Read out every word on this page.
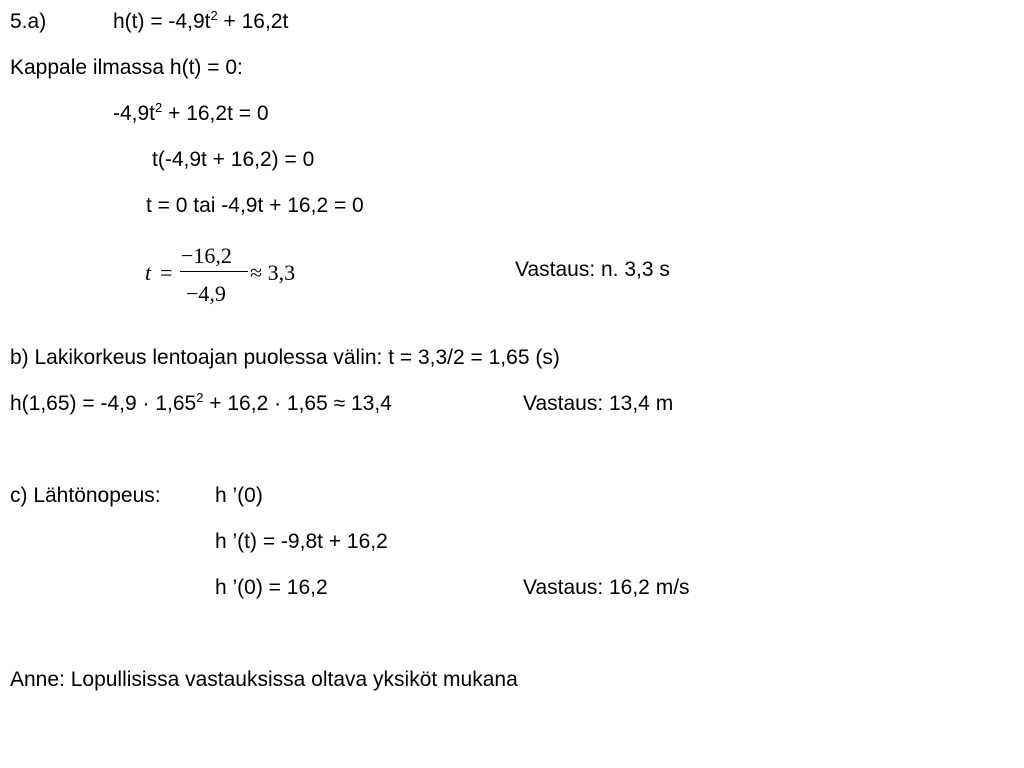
5.a)	$h(t) = -4,9t^2 + 16,2t$
Kappale ilmassa h(t) = 0:
$-4,9t^2 + 16,2t = 0$
t(-4,9t + 16,2) = 0
t = 0 tai -4,9t + 16,2 = 0
t =
−16,2
−4,9
≈ 3,3	Vastaus: n. 3,3 s
b) Lakikorkeus lentoajan puolessa välin: t = 3,3/2 = 1,65 (s)
$h(1,65) = -4,9 \cdot 1,65^2 + 16,2 \cdot 1,65 \approx 13,4$	Vastaus: 13,4 m
c) Lähtönopeus:	h ’(0)
h ’(t) = -9,8t + 16,2
h ’(0) = 16,2	Vastaus: 16,2 m/s
Anne: Lopullisissa vastauksissa oltava yksiköt mukana
